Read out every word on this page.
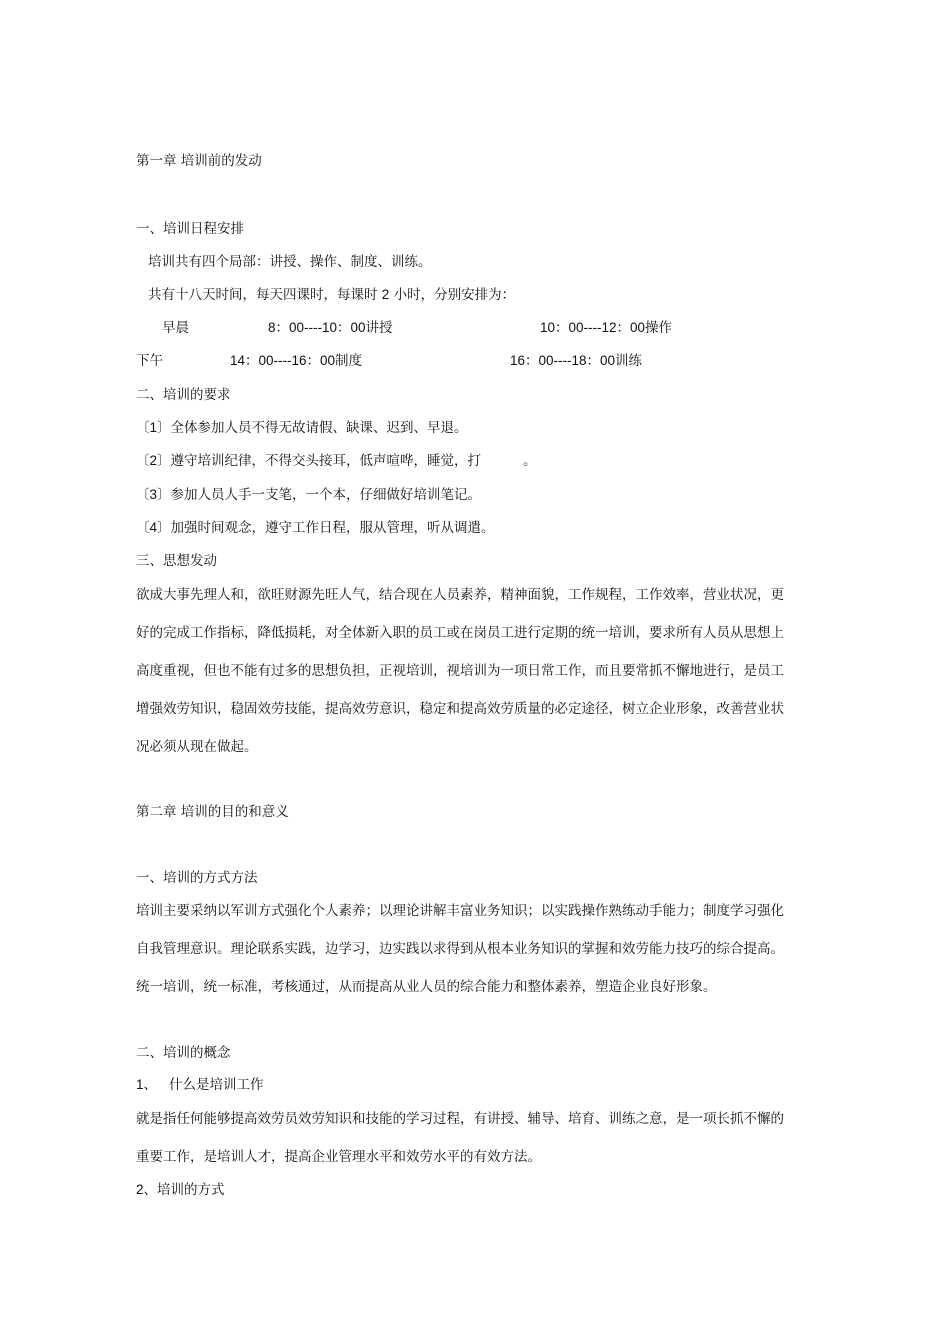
第一章 培训前的发动
一、培训日程安排
培训共有四个局部：讲授、操作、制度、训练。
共有十八天时间，每天四课时，每课时 2 小时，分别安排为：
早晨	8：00----10：00讲授	10：00----12：00操作
下午	14：00----16：00制度	16：00----18：00训练
二、培训的要求
〔1〕全体参加人员不得无故请假、缺课、迟到、早退。
〔2〕遵守培训纪律，不得交头接耳，低声喧哗，睡觉，打	。
〔3〕参加人员人手一支笔，一个本，仔细做好培训笔记。
〔4〕加强时间观念，遵守工作日程，服从管理，听从调遣。
三、思想发动
欲成大事先理人和，欲旺财源先旺人气，结合现在人员素养，精神面貌，工作规程，工作效率，营业状况，更
好的完成工作指标，降低损耗，对全体新入职的员工或在岗员工进行定期的统一培训，要求所有人员从思想上
高度重视，但也不能有过多的思想负担，正视培训，视培训为一项日常工作，而且要常抓不懈地进行，是员工
增强效劳知识，稳固效劳技能，提高效劳意识，稳定和提高效劳质量的必定途径，树立企业形象，改善营业状
况必须从现在做起。
第二章 培训的目的和意义
一、培训的方式方法
培训主要采纳以军训方式强化个人素养；以理论讲解丰富业务知识；以实践操作熟练动手能力；制度学习强化
自我管理意识。理论联系实践，边学习，边实践以求得到从根本业务知识的掌握和效劳能力技巧的综合提高。
统一培训，统一标准，考核通过，从而提高从业人员的综合能力和整体素养，塑造企业良好形象。
二、培训的概念
1、 什么是培训工作
就是指任何能够提高效劳员效劳知识和技能的学习过程，有讲授、辅导、培育、训练之意，是一项长抓不懈的
重要工作，是培训人才，提高企业管理水平和效劳水平的有效方法。
2、培训的方式
